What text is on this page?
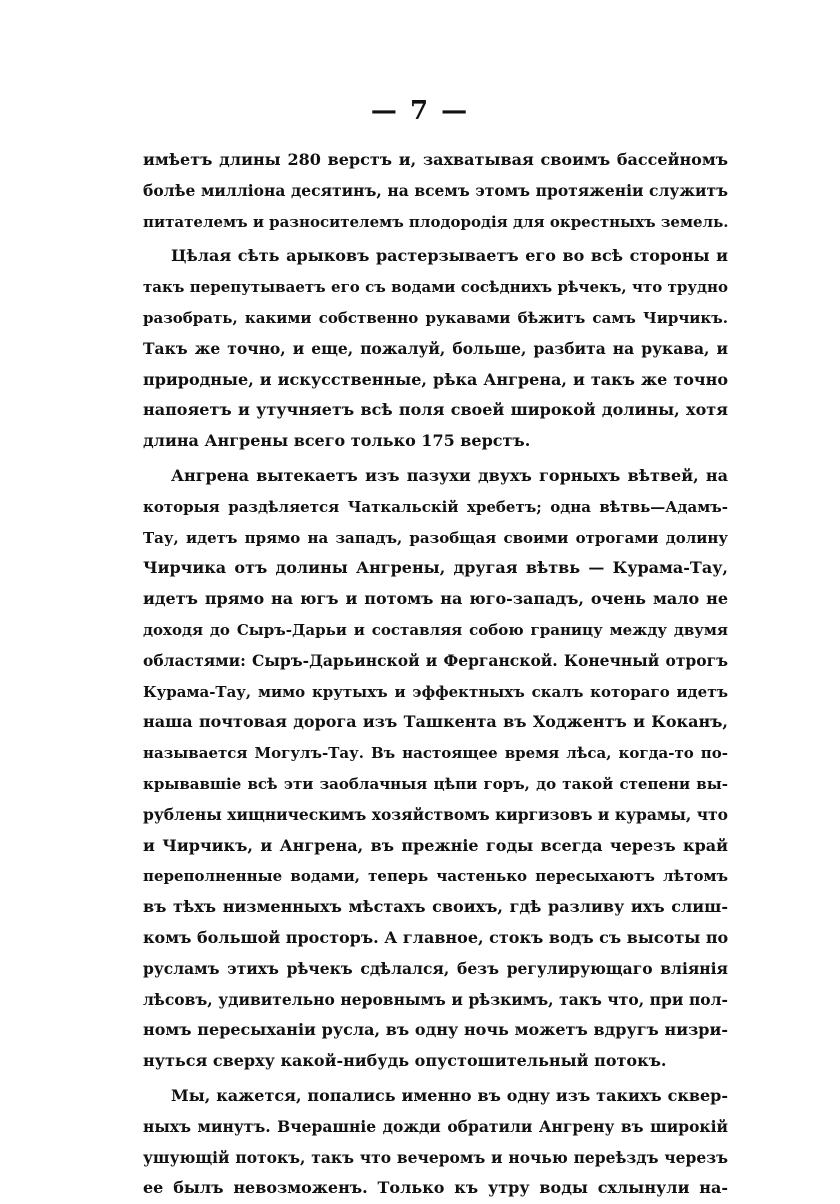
— 7 —
имѣетъ длины 280 верстъ и, захватывая своимъ бассейномъ
болѣе милліона десятинъ, на всемъ этомъ протяженіи служитъ
питателемъ и разносителемъ плодородія для окрестныхъ земель.
Цѣлая сѣть арыковъ растерзываетъ его во всѣ стороны и
такъ перепутываетъ его съ водами сосѣднихъ рѣчекъ, что трудно
разобрать, какими собственно рукавами бѣжитъ самъ Чирчикъ.
Такъ же точно, и еще, пожалуй, больше, разбита на рукава, и
природные, и искусственные, рѣка Ангрена, и такъ же точно
напояетъ и утучняетъ всѣ поля своей широкой долины, хотя
длина Ангрены всего только 175 верстъ.
Ангрена вытекаетъ изъ пазухи двухъ горныхъ вѣтвей, на
которыя раздѣляется Чаткальскій хребетъ; одна вѣтвь—Адамъ-
Тау, идетъ прямо на западъ, разобщая своими отрогами долину
Чирчика отъ долины Ангрены, другая вѣтвь — Курама-Тау,
идетъ прямо на югъ и потомъ на юго-западъ, очень мало не
доходя до Сыръ-Дарьи и составляя собою границу между двумя
областями: Сыръ-Дарьинской и Ферганской. Конечный отрогъ
Курама-Тау, мимо крутыхъ и эффектныхъ скалъ котораго идетъ
наша почтовая дорога изъ Ташкента въ Ходжентъ и Коканъ,
называется Могулъ-Тау. Въ настоящее время лѣса, когда-то по-
крывавшіе всѣ эти заоблачныя цѣпи горъ, до такой степени вы-
рублены хищническимъ хозяйствомъ киргизовъ и курамы, что
и Чирчикъ, и Ангрена, въ прежніе годы всегда черезъ край
переполненные водами, теперь частенько пересыхаютъ лѣтомъ
въ тѣхъ низменныхъ мѣстахъ своихъ, гдѣ разливу ихъ слиш-
комъ большой просторъ. А главное, стокъ водъ съ высоты по
русламъ этихъ рѣчекъ сдѣлался, безъ регулирующаго вліянія
лѣсовъ, удивительно неровнымъ и рѣзкимъ, такъ что, при пол-
номъ пересыханіи русла, въ одну ночь можетъ вдругъ низри-
нуться сверху какой-нибудь опустошительный потокъ.
Мы, кажется, попались именно въ одну изъ такихъ сквер-
ныхъ минутъ. Вчерашніе дожди обратили Ангрену въ широкій
ушующій потокъ, такъ что вечеромъ и ночью переѣздъ черезъ
ее былъ невозможенъ. Только къ утру воды схлынули на-
